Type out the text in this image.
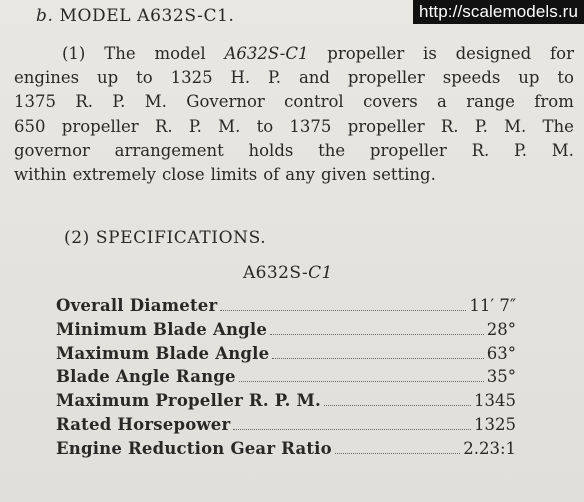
http://scalemodels.ru
b. MODEL A632S-C1.
(1) The model A632S-C1 propeller is designed for
engines up to 1325 H. P. and propeller speeds up to
1375 R. P. M. Governor control covers a range from
650 propeller R. P. M. to 1375 propeller R. P. M. The
governor arrangement holds the propeller R. P. M.
within extremely close limits of any given setting.
(2) SPECIFICATIONS.
A632S-C1
Overall Diameter	11′ 7″
Minimum Blade Angle	28°
Maximum Blade Angle	63°
Blade Angle Range	35°
Maximum Propeller R. P. M.	1345
Rated Horsepower	1325
Engine Reduction Gear Ratio	2.23:1
